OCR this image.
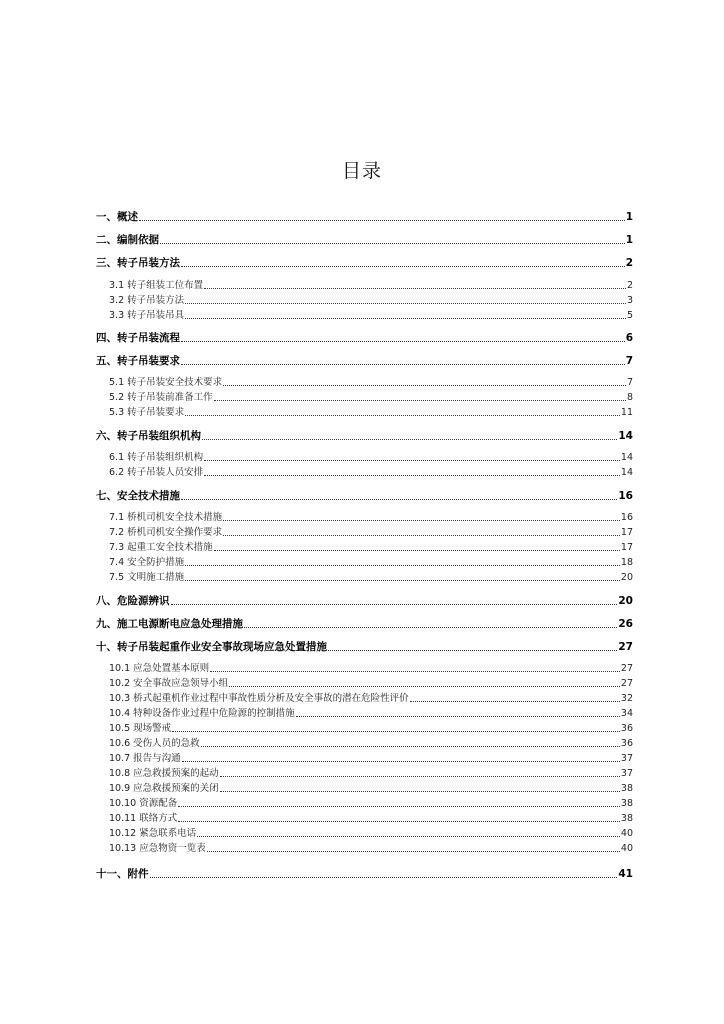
目录
一、概述	1
二、编制依据	1
三、转子吊装方法	2
3.1 转子组装工位布置	2
3.2 转子吊装方法	3
3.3 转子吊装吊具	5
四、转子吊装流程	6
五、转子吊装要求	7
5.1 转子吊装安全技术要求	7
5.2 转子吊装前准备工作	8
5.3 转子吊装要求	11
六、转子吊装组织机构	14
6.1 转子吊装组织机构	14
6.2 转子吊装人员安排	14
七、安全技术措施	16
7.1 桥机司机安全技术措施	16
7.2 桥机司机安全操作要求	17
7.3 起重工安全技术措施	17
7.4 安全防护措施	18
7.5 文明施工措施	20
八、危险源辨识	20
九、施工电源断电应急处理措施	26
十、转子吊装起重作业安全事故现场应急处置措施	27
10.1 应急处置基本原则	27
10.2 安全事故应急领导小组	27
10.3 桥式起重机作业过程中事故性质分析及安全事故的潜在危险性评价	32
10.4 特种设备作业过程中危险源的控制措施	34
10.5 现场警戒	36
10.6 受伤人员的急救	36
10.7 报告与沟通	37
10.8 应急救援预案的起动	37
10.9 应急救援预案的关闭	38
10.10 资源配备	38
10.11 联络方式	38
10.12 紧急联系电话	40
10.13 应急物资一览表	40
十一、附件	41
